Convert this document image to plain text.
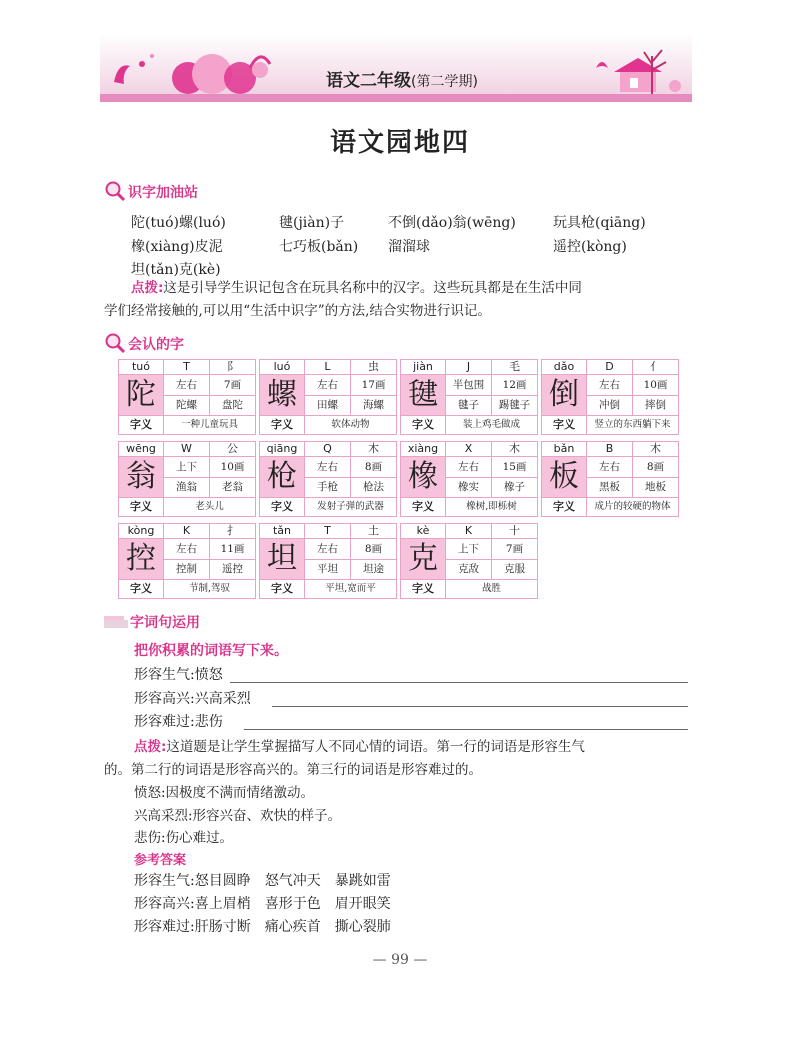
语文二年级(第二学期)
语文园地四
识字加油站
陀(tuó)螺(luó)	毽(jiàn)子	不倒(dǎo)翁(wēng)	玩具枪(qiāng)
橡(xiàng)皮泥	七巧板(bǎn) 溜溜球	遥控(kòng)
坦(tǎn)克(kè)
点拨:这是引导学生识记包含在玩具名称中的汉字。这些玩具都是在生活中同
学们经常接触的,可以用“生活中识字”的方法,结合实物进行识记。
会认的字
tuó	T	阝
陀	左右	7画
	陀螺	盘陀
字义	一种儿童玩具	
luó	L	虫
螺	左右	17画
	田螺	海螺
字义	软体动物	
jiàn	J	毛
毽	半包围	12画
	毽子	踢毽子
字义	装上鸡毛做成	
dǎo	D	亻
倒	左右	10画
	冲倒	摔倒
字义	竖立的东西躺下来	
wēng	W	公
翁	上下	10画
	渔翁	老翁
字义	老头儿	
qiāng	Q	木
枪	左右	8画
	手枪	枪法
字义	发射子弹的武器	
xiàng	X	木
橡	左右	15画
	橡实	橡子
字义	橡树,即栎树	
bǎn	B	木
板	左右	8画
	黑板	地板
字义	成片的较硬的物体	
kòng	K	扌
控	左右	11画
	控制	遥控
字义	节制,驾驭	
tǎn	T	土
坦	左右	8画
	平坦	坦途
字义	平坦,宽而平	
kè	K	十
克	上下	7画
	克敌	克服
字义	战胜	
字词句运用
把你积累的词语写下来。
形容生气:愤怒
形容高兴:兴高采烈
形容难过:悲伤
点拨:这道题是让学生掌握描写人不同心情的词语。第一行的词语是形容生气
的。第二行的词语是形容高兴的。第三行的词语是形容难过的。
愤怒:因极度不满而情绪激动。
兴高采烈:形容兴奋、欢快的样子。
悲伤:伤心难过。
参考答案
形容生气:怒目圆睁　怒气冲天　暴跳如雷
形容高兴:喜上眉梢　喜形于色　眉开眼笑
形容难过:肝肠寸断　痛心疾首　撕心裂肺
— 99 —
